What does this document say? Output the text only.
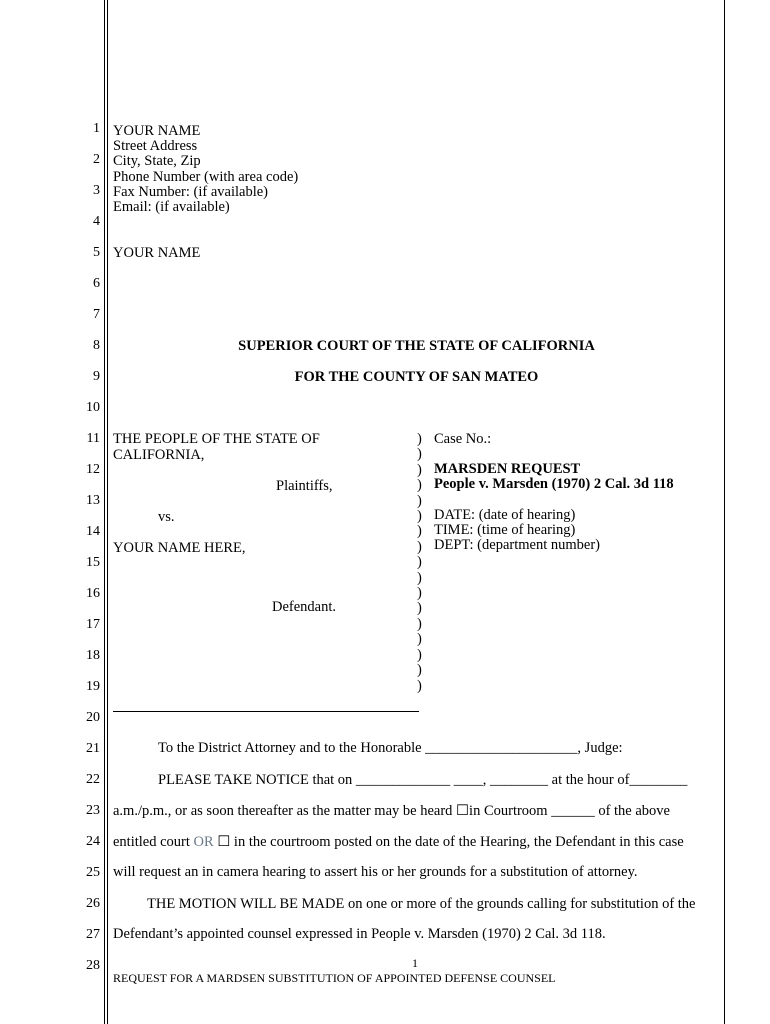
1
2
3
4
5
6
7
8
9
10
11
12
13
14
15
16
17
18
19
20
21
22
23
24
25
26
27
28
YOUR NAME
Street Address
City, State, Zip
Phone Number (with area code)
Fax Number: (if available)
Email: (if available)
YOUR NAME
SUPERIOR COURT OF THE STATE OF CALIFORNIA
FOR THE COUNTY OF SAN MATEO
THE PEOPLE OF THE STATE OF
CALIFORNIA,
Plaintiffs,
vs.
YOUR NAME HERE,
Defendant.
)
)
)
)
)
)
)
)
)
)
)
)
)
)
)
)
)
Case No.:
MARSDEN REQUEST
People v. Marsden (1970) 2 Cal. 3d 118
DATE: (date of hearing)
TIME: (time of hearing)
DEPT: (department number)
To the District Attorney and to the Honorable _____________________, Judge:
PLEASE TAKE NOTICE that on _____________ ____, ________ at the hour of________
a.m./p.m., or as soon thereafter as the matter may be heard ☐in Courtroom ______ of the above
entitled court OR ☐ in the courtroom posted on the date of the Hearing, the Defendant in this case
will request an in camera hearing to assert his or her grounds for a substitution of attorney.
THE MOTION WILL BE MADE on one or more of the grounds calling for substitution of the
Defendant’s appointed counsel expressed in People v. Marsden (1970) 2 Cal. 3d 118.
1
REQUEST FOR A MARDSEN SUBSTITUTION OF APPOINTED DEFENSE COUNSEL
